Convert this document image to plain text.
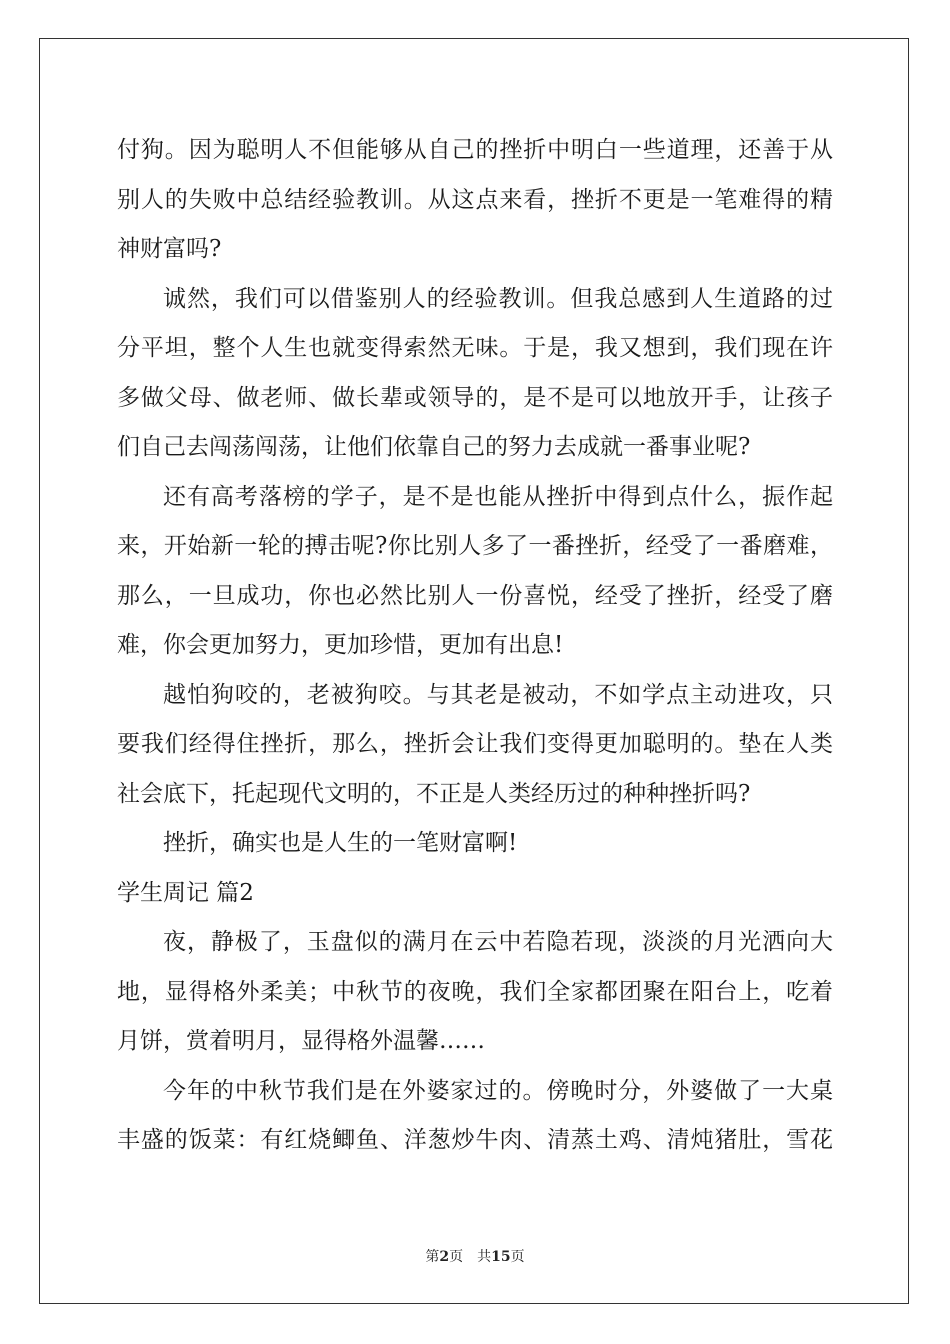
付狗。因为聪明人不但能够从自己的挫折中明白一些道理，还善于从
别人的失败中总结经验教训。从这点来看，挫折不更是一笔难得的精
神财富吗?
诚然，我们可以借鉴别人的经验教训。但我总感到人生道路的过
分平坦，整个人生也就变得索然无味。于是，我又想到，我们现在许
多做父母、做老师、做长辈或领导的，是不是可以地放开手，让孩子
们自己去闯荡闯荡，让他们依靠自己的努力去成就一番事业呢?
还有高考落榜的学子，是不是也能从挫折中得到点什么，振作起
来，开始新一轮的搏击呢?你比别人多了一番挫折，经受了一番磨难，
那么，一旦成功，你也必然比别人一份喜悦，经受了挫折，经受了磨
难，你会更加努力，更加珍惜，更加有出息!
越怕狗咬的，老被狗咬。与其老是被动，不如学点主动进攻，只
要我们经得住挫折，那么，挫折会让我们变得更加聪明的。垫在人类
社会底下，托起现代文明的，不正是人类经历过的种种挫折吗?
挫折，确实也是人生的一笔财富啊!
学生周记 篇2
夜，静极了，玉盘似的满月在云中若隐若现，淡淡的月光洒向大
地，显得格外柔美；中秋节的夜晚，我们全家都团聚在阳台上，吃着
月饼，赏着明月，显得格外温馨……
今年的中秋节我们是在外婆家过的。傍晚时分，外婆做了一大桌
丰盛的饭菜：有红烧鲫鱼、洋葱炒牛肉、清蒸土鸡、清炖猪肚，雪花
第2页 共15页
